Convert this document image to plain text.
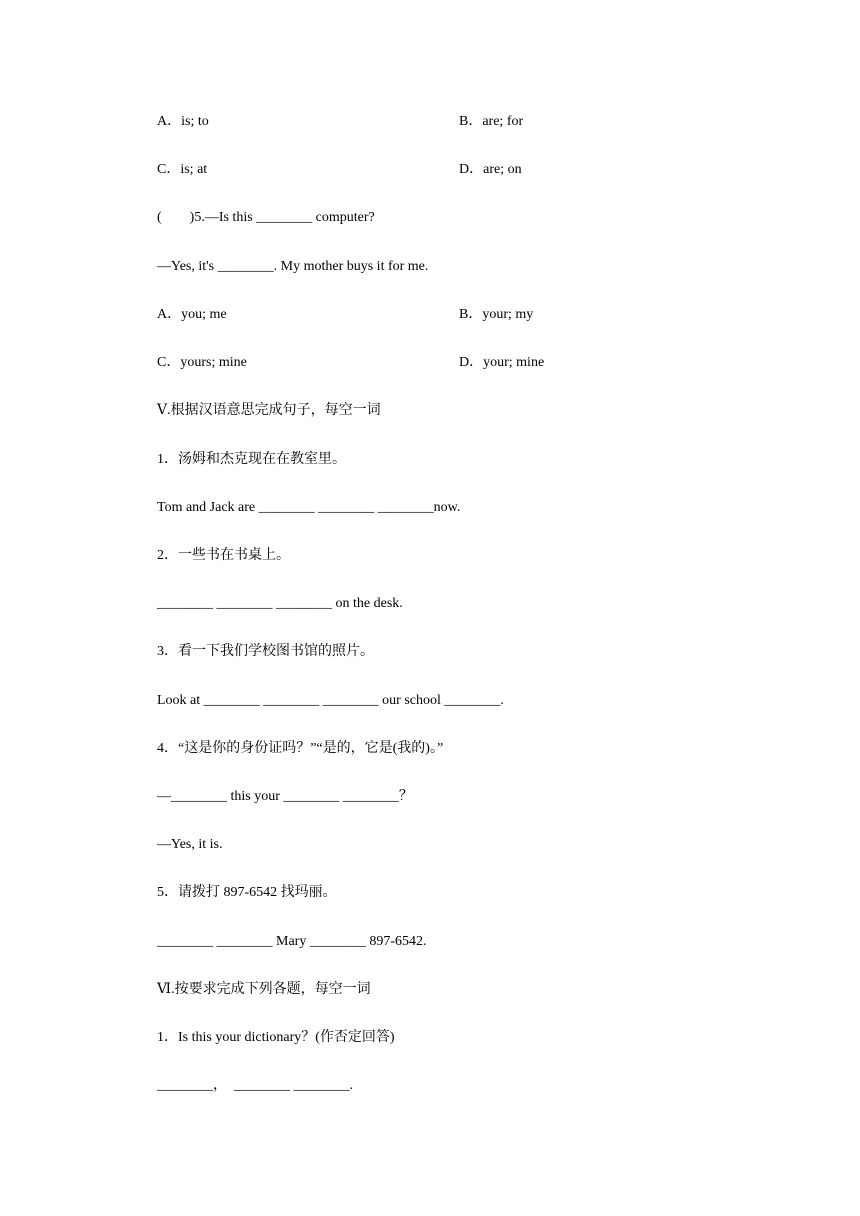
A．is; to	B．are; for
C．is; at	D．are; on
(　　)5.—Is this ________ computer?
—Yes, it's ________. My mother buys it for me.
A．you; me	B．your; my
C．yours; mine	D．your; mine
Ⅴ.根据汉语意思完成句子，每空一词
1．汤姆和杰克现在在教室里。
Tom and Jack are ________ ________ ________now.
2．一些书在书桌上。
________ ________ ________ on the desk.
3．看一下我们学校图书馆的照片。
Look at ________ ________ ________ our school ________.
4．“这是你的身份证吗？”“是的，它是(我的)。”
—________ this your ________ ________？
—Yes, it is.
5．请拨打 897-6542 找玛丽。
________ ________ Mary ________ 897-6542.
Ⅵ.按要求完成下列各题，每空一词
1．Is this your dictionary？(作否定回答)
________，  ________ ________.
